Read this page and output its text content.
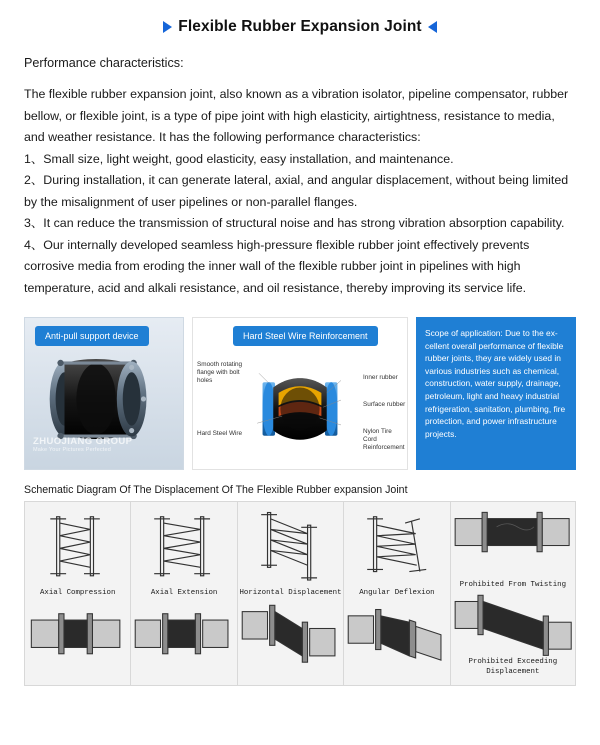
Flexible Rubber Expansion Joint
Performance characteristics:

The flexible rubber expansion joint, also known as a vibration isolator, pipeline compensator, rubber bellow, or flexible joint, is a type of pipe joint with high elasticity, airtightness, resistance to media, and weather resistance. It has the following performance characteristics:

1、Small size, light weight, good elasticity, easy installation, and maintenance.

2、During installation, it can generate lateral, axial, and angular displacement, without being limited by the misalignment of user pipelines or non-parallel flanges.

3、It can reduce the transmission of structural noise and has strong vibration absorption capability.

4、Our internally developed seamless high-pressure flexible rubber joint effectively prevents corrosive media from eroding the inner wall of the flexible rubber joint in pipelines with high temperature, acid and alkali resistance, and oil resistance, thereby improving its service life.

Anti-pull support device
ZHUOJIANG GROUP
Make Your Pictures Perfected
Hard Steel Wire Reinforcement
Smooth rotating flange with bolt holes	Inner rubber
Surface rubber
Hard Steel Wire	Nylon Tire Cord Reinforcement
Scope of application: Due to the ex-cellent overall performance of flexible rubber joints, they are widely used in various industries such as chemical, construction, water supply, drainage, petroleum, light and heavy industrial refrigeration, sanitation, plumbing, fire protection, and power infrastructure projects.
Schematic Diagram Of The Displacement Of The Flexible Rubber expansion Joint
Axial Compression	Axial Extension	Horizontal Displacement	Angular Deflexion
Prohibited From Twisting
Prohibited Exceeding
Displacement
